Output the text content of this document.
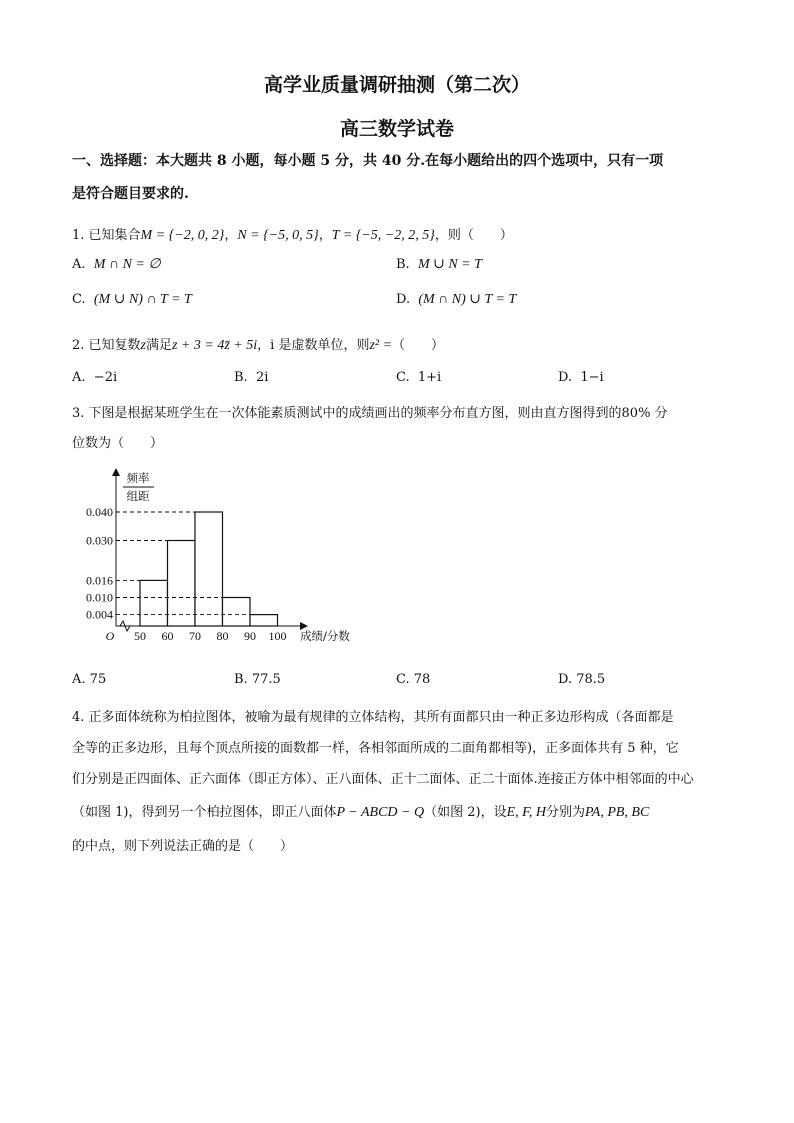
高学业质量调研抽测（第二次）
高三数学试卷
一、选择题：本大题共 8 小题，每小题 5 分，共 40 分.在每小题给出的四个选项中，只有一项
是符合题目要求的.
1. 已知集合M = {−2, 0, 2}，N = {−5, 0, 5}，T = {−5, −2, 2, 5}，则（　　）
A. M ∩ N = ∅	B. M ∪ N = T
C. (M ∪ N) ∩ T = T	D. (M ∩ N) ∪ T = T
2. 已知复数z满足z + 3 = 4z̄ + 5i，i 是虚数单位，则z² =（　　）
A. −2i	B. 2i	C. 1+i	D. 1−i
3. 下图是根据某班学生在一次体能素质测试中的成绩画出的频率分布直方图，则由直方图得到的80% 分
位数为（　　）
频率
组距
0.040
0.030
0.016
0.010
0.004
50 60 70 80 90 100
O	成绩/分数
A. 75	B. 77.5	C. 78	D. 78.5
4. 正多面体统称为柏拉图体，被喻为最有规律的立体结构，其所有面都只由一种正多边形构成（各面都是
全等的正多边形，且每个顶点所接的面数都一样，各相邻面所成的二面角都相等)，正多面体共有 5 种，它
们分别是正四面体、正六面体（即正方体）、正八面体、正十二面体、正二十面体.连接正方体中相邻面的中心
（如图 1)，得到另一个柏拉图体，即正八面体P − ABCD − Q（如图 2)，设E, F, H分别为PA, PB, BC
的中点，则下列说法正确的是（　　）
